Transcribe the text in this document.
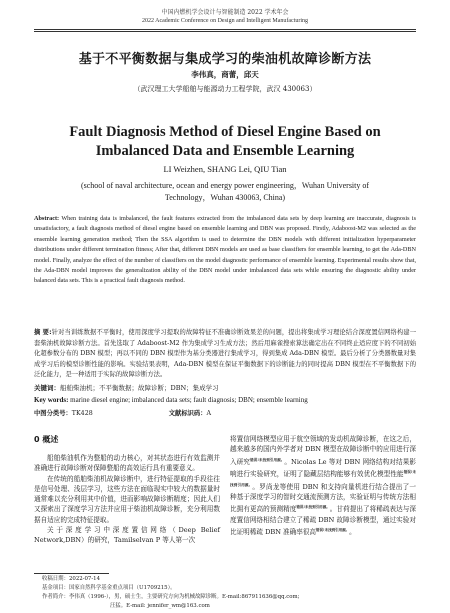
中国内燃机学会设计与智能制造 2022 学术年会
2022 Academic Conference on Design and Intelligent Manufacturing
基于不平衡数据与集成学习的柴油机故障诊断方法
李伟真，商蕾，邱天
（武汉理工大学船舶与能源动力工程学院，武汉 430063）
Fault Diagnosis Method of Diesel Engine Based on
Imbalanced Data and Ensemble Learning
LI Weizhen, SHANG Lei, QIU Tian
(school of naval architecture, ocean and energy power engineering，Wuhan University of Technology，Wuhan 430063, China)
Abstract: When training data is imbalanced, the fault features extracted from the imbalanced data sets by deep learning are inaccurate, diagnosis is unsatisfactory, a fault diagnosis method of diesel engine based on ensemble learning and DBN was proposed. Firstly, Adaboost-M2 was selected as the ensemble learning generation method; Then the SSA algorithm is used to determine the DBN models with different initialization hyperparameter distributions under different termination fitness; After that, different DBN models are used as base classifiers for ensemble learning, to get the Ada-DBN model. Finally, analyze the effect of the number of classifiers on the model diagnostic performance of ensemble learning. Experimental results show that, the Ada-DBN model improves the generalization ability of the DBN model under imbalanced data sets while ensuring the diagnostic ability under balanced data sets. This is a practical fault diagnosis method.
摘 要:针对当训练数据不平衡时，使用深度学习提取的故障特征不准确诊断效果差的问题，提出将集成学习理论结合深度置信网络构建一套柴油机故障诊断方法。首先选取了 Adaboost-M2 作为集成学习生成方法；然后用麻雀搜索算法确定出在不同终止适应度下的不同初始化超参数分布的 DBN 模型；再以不同的 DBN 模型作为基分类器进行集成学习，得到集成 Ada-DBN 模型。最后分析了分类器数量对集成学习后的模型诊断性能的影响。实验结果表明，Ada-DBN 模型在保证平衡数据下的诊断能力的同时提高 DBN 模型在不平衡数据下的泛化能力，是一种适用于实际的故障诊断方法。
关键词：船舶柴油机；不平衡数据；故障诊断；DBN；集成学习
Key words: marine diesel engine; imbalanced data sets; fault diagnosis; DBN; ensemble learning
中图分类号：TK428	文献标识码：A
0 概述

船舶柴油机作为整船的动力核心，对其状态进行有效监测并准确进行故障诊断对保障整船的高效运行具有重要意义。

在传统的船舶柴油机故障诊断中，进行特征提取的手段往往是信号处理、浅层学习，这些方法在面临现实中较大的数据量时通常难以充分利用其中价值，进而影响故障诊断精度；因此人们又探索出了深度学习方法并应用于柴油机故障诊断，充分利用数据自适应的完成特征提取。

关于深度学习中深度置信网络（Deep Belief Network,DBN）的研究，Tamilselvan P 等人第一次

将置信网络模型应用于航空领域的发动机故障诊断，在这之后，越来越多的国内外学者对 DBN 模型在故障诊断中的应用进行深入研究$^{错误!未找到引用源。}$。Nicolas Le 等对 DBN 网络结构对结果影响进行实验研究，证明了隐藏层结构能够有效优化模型性能$^{错误!未找到引用源。}$。罗尚龙等使用 DBN 和支持向量机进行结合提出了一种基于深度学习的智时交通流预测方法，实验证明与传统方法相比拥有更高的预测精度$^{错误!未找到引用源。}$。甘荷提出了将稀疏表达与深度置信网络相结合建立了稀疏 DBN 故障诊断模型，通过实验对比证明稀疏 DBN 准确率很高$^{错误!未找到引用源。}$。

收稿日期：2022-07-14
基金项目：国家自然科学基金重点项目（U1709215）。
作者简介：李伟真（1996-），男，硕士生，主要研究方向为机械故障诊断。E-mail:867911636@qq.com;
汪猛。E-mail: jennifer_wm@163.com
